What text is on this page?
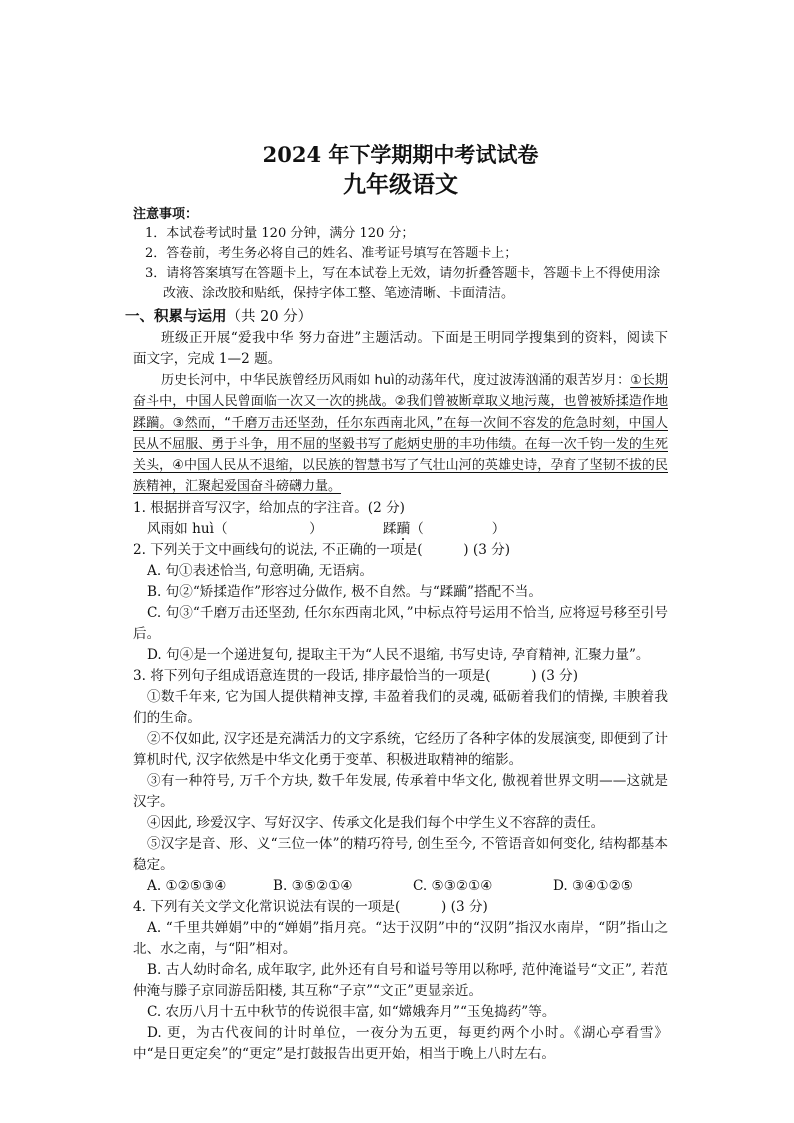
2024 年下学期期中考试试卷
九年级语文
注意事项：

1．本试卷考试时量 120 分钟，满分 120 分；

2．答卷前，考生务必将自己的姓名、准考证号填写在答题卡上；

3．请将答案填写在答题卡上，写在本试卷上无效，请勿折叠答题卡，答题卡上不得使用涂改液、涂改胶和贴纸，保持字体工整、笔迹清晰、卡面清洁。

一、积累与运用（共 20 分）

班级正开展“爱我中华 努力奋进”主题活动。下面是王明同学搜集到的资料，阅读下面文字，完成 1—2 题。

历史长河中，中华民族曾经历风雨如 huì的动荡年代，度过波涛汹涌的艰苦岁月：①长期奋斗中，中国人民曾面临一次又一次的挑战。②我们曾被断章取义地污蔑，也曾被矫揉造作地蹂躏。③然而，“千磨万击还坚劲，任尔东西南北风，”在每一次间不容发的危急时刻，中国人民从不屈服、勇于斗争，用不屈的坚毅书写了彪炳史册的丰功伟绩。在每一次千钧一发的生死关头，④中国人民从不退缩，以民族的智慧书写了气壮山河的英雄史诗，孕育了坚韧不拔的民族精神，汇聚起爱国奋斗磅礴力量。

1. 根据拼音写汉字，给加点的字注音。(2 分)

风雨如 huì（　　　　　　）	蹂躏（　　　　　）

2. 下列关于文中画线句的说法, 不正确的一项是(　　　) (3 分)

A. 句①表述恰当, 句意明确, 无语病。

B. 句②“矫揉造作”形容过分做作, 极不自然。与“蹂躏”搭配不当。

C. 句③“千磨万击还坚劲, 任尔东西南北风，”中标点符号运用不恰当, 应将逗号移至引号后。

D. 句④是一个递进复句, 提取主干为“人民不退缩, 书写史诗, 孕育精神, 汇聚力量”。

3. 将下列句子组成语意连贯的一段话, 排序最恰当的一项是(　　　) (3 分)

①数千年来, 它为国人提供精神支撑, 丰盈着我们的灵魂, 砥砺着我们的情操, 丰腴着我们的生命。

②不仅如此, 汉字还是充满活力的文字系统，它经历了各种字体的发展演变, 即便到了计算机时代, 汉字依然是中华文化勇于变革、积极进取精神的缩影。

③有一种符号, 万千个方块, 数千年发展, 传承着中华文化, 傲视着世界文明——这就是汉字。

④因此, 珍爱汉字、写好汉字、传承文化是我们每个中学生义不容辞的责任。

⑤汉字是音、形、义“三位一体”的精巧符号, 创生至今, 不管语音如何变化, 结构都基本稳定。

A. ①②⑤③④	B. ③⑤②①④	C. ⑤③②①④	D. ③④①②⑤

4. 下列有关文学文化常识说法有误的一项是(　　　) (3 分)

A. “千里共婵娟”中的“婵娟”指月亮。“达于汉阴”中的“汉阴”指汉水南岸，“阴”指山之北、水之南，与“阳”相对。

B. 古人幼时命名, 成年取字, 此外还有自号和谥号等用以称呼, 范仲淹谥号“文正”, 若范仲淹与滕子京同游岳阳楼, 其互称“子京”“文正”更显亲近。

C. 农历八月十五中秋节的传说很丰富, 如“嫦娥奔月”“玉兔捣药”等。

D. 更，为古代夜间的计时单位，一夜分为五更，每更约两个小时。《湖心亭看雪》中“是日更定矣”的“更定”是打鼓报告出更开始，相当于晚上八时左右。
